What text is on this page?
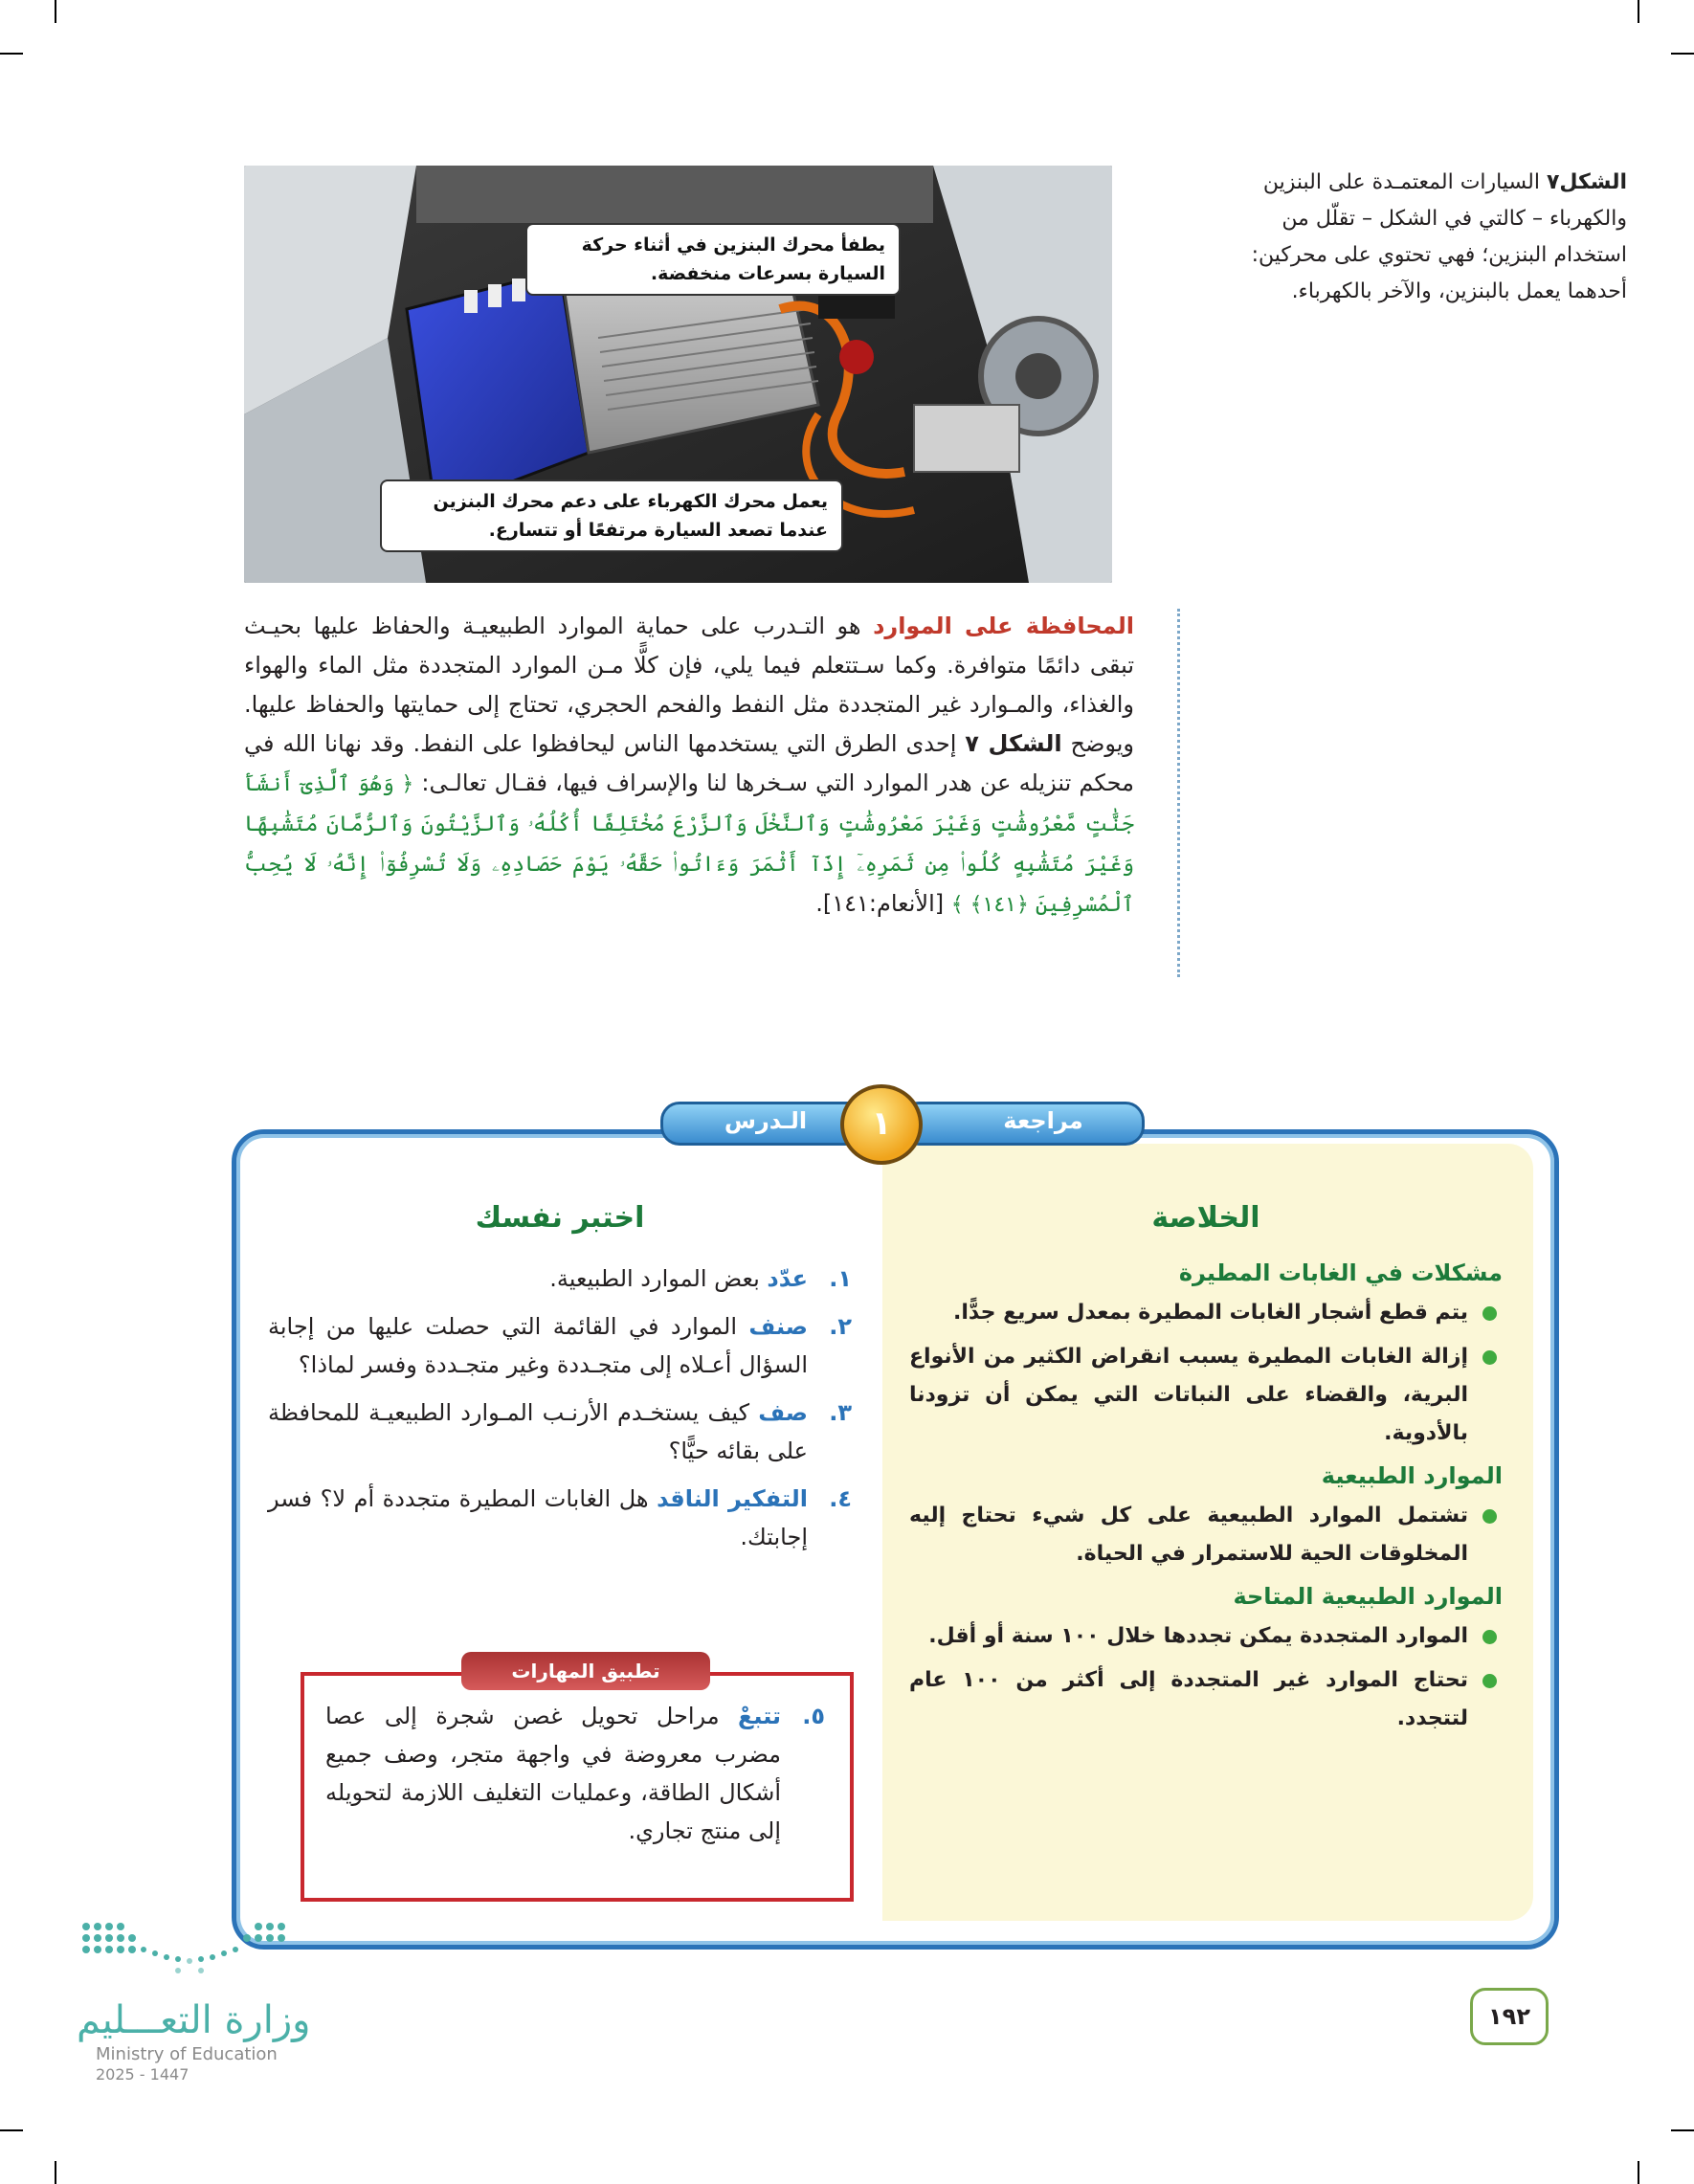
يطفأ محرك البنزين في أثناء حركة السيارة بسرعات منخفضة.
يعمل محرك الكهرباء على دعم محرك البنزين عندما تصعد السيارة مرتفعًا أو تتسارع.
الشكل٧ السيارات المعتمـدة على البنزين والكهرباء – كالتي في الشكل – تقلّل من استخدام البنزين؛ فهي تحتوي على محركين: أحدهما يعمل بالبنزين، والآخر بالكهرباء.
المحافظة على الموارد هو التـدرب على حماية الموارد الطبيعيـة والحفاظ عليها بحيـث تبقى دائمًا متوافرة. وكما سـتتعلم فيما يلي، فإن كلًّا مـن الموارد المتجددة مثل الماء والهواء والغذاء، والمـوارد غير المتجددة مثل النفط والفحم الحجري، تحتاج إلى حمايتها والحفاظ عليها. ويوضح الشكل ٧ إحدى الطرق التي يستخدمها الناس ليحافظوا على النفط. وقد نهانا الله في محكم تنزيله عن هدر الموارد التي سـخرها لنا والإسراف فيها، فقـال تعالـى: ﴿ وَهُوَ ٱلَّذِىٓ أَنشَأَ جَنَّٰتٍ مَّعْرُوشَٰتٍ وَغَيْرَ مَعْرُوشَٰتٍ وَٱلنَّخْلَ وَٱلزَّرْعَ مُخْتَلِفًا أُكُلُهُۥ وَٱلزَّيْتُونَ وَٱلرُّمَّانَ مُتَشَٰبِهًا وَغَيْرَ مُتَشَٰبِهٍ كُلُوا۟ مِن ثَمَرِهِۦٓ إِذَآ أَثْمَرَ وَءَاتُوا۟ حَقَّهُۥ يَوْمَ حَصَادِهِۦ وَلَا تُسْرِفُوٓا۟ إِنَّهُۥ لَا يُحِبُّ ٱلْمُسْرِفِينَ ﴿١٤١﴾ ﴾ [الأنعام:١٤١].
مراجعة
الـدرس	١
الخلاصة
مشكلات في الغابات المطيرة
يتم قطع أشجار الغابات المطيرة بمعدل سريع جدًّا.
إزالة الغابات المطيرة يسبب انقراض الكثير من الأنواع البرية، والقضاء على النباتات التي يمكن أن تزودنا بالأدوية.
الموارد الطبيعية
تشتمل الموارد الطبيعية على كل شيء تحتاج إليه المخلوقات الحية للاستمرار في الحياة.
الموارد الطبيعية المتاحة
الموارد المتجددة يمكن تجددها خلال ١٠٠ سنة أو أقل.
تحتاج الموارد غير المتجددة إلى أكثر من ١٠٠ عام لتتجدد.
اختبر نفسك
١.
عدّد بعض الموارد الطبيعية.
٢.
صنف الموارد في القائمة التي حصلت عليها من إجابة السؤال أعـلاه إلى متجـددة وغير متجـددة وفسر لماذا؟
٣.
صف كيف يستخـدم الأرنـب المـوارد الطبيعيـة للمحافظة على بقائه حيًّا؟
٤.
التفكير الناقد هل الغابات المطيرة متجددة أم لا؟ فسر إجابتك.
٥.
تتبعْ مراحل تحويل غصن شجرة إلى عصا مضرب معروضة في واجهة متجر، وصف جميع أشكال الطاقة، وعمليات التغليف اللازمة لتحويله إلى منتج تجاري.
تطبيق المهارات
١٩٢
وزارة التعـــليم
Ministry of Education
2025 - 1447
